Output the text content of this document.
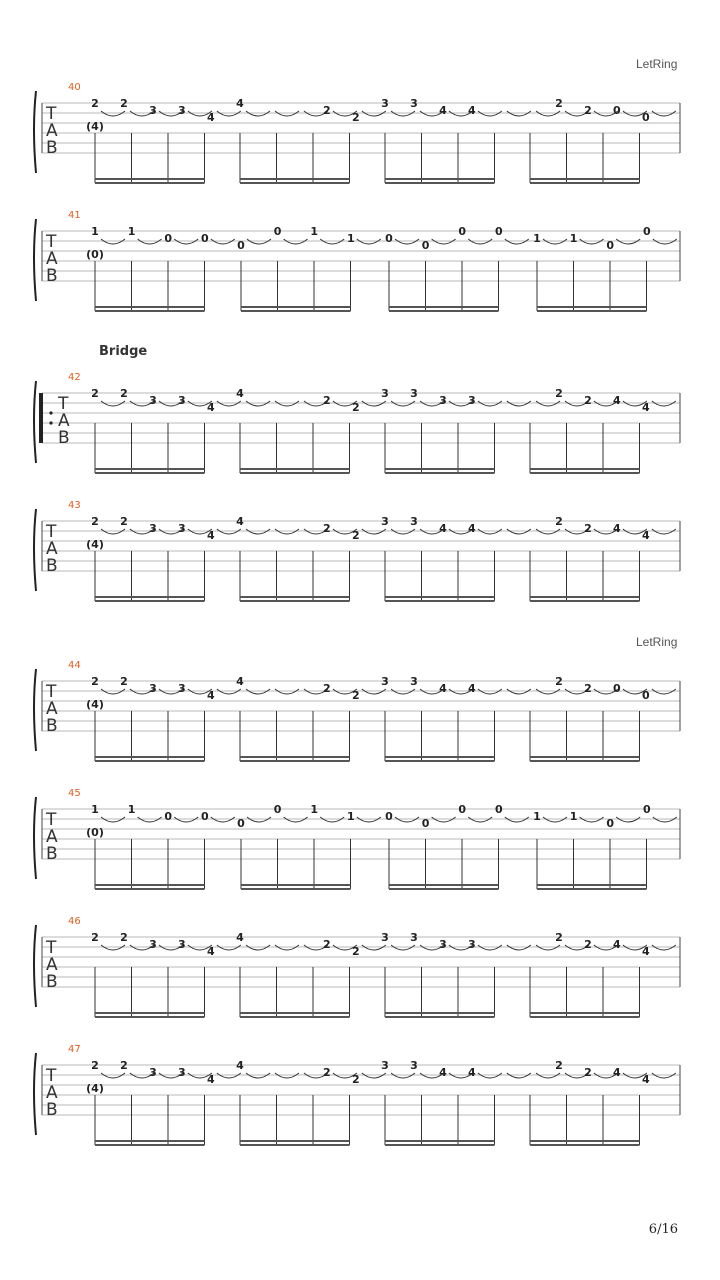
LetRing
Bridge
LetRing
6/16
T
A
B
40
2
(4)
2
3 3
4
4
2
2
3 3
4 4
2
2 0
0
T
A
B
41
1
(0)
1
0	0
0
0	1
1	0
0
0	0
1	1
0
0
T
A
B
42
2 2
3 3
4
4
2
2
3 3
3 3
2
2 4
4
T
A
B
43
2
(4)
2
3 3
4
4
2
2
3 3
4 4
2
2 4
4
T
A
B
44
2
(4)
2
3 3
4
4
2
2
3 3
4 4
2
2 0
0
T
A
B
45
1
(0)
1
0	0
0
0	1
1	0
0
0	0
1	1
0
0
T
A
B
46
2 2
3 3
4
4
2
2
3 3
3 3
2
2 4
4
T
A
B
47
2
(4)
2
3 3
4
4
2
2
3 3
4 4
2
2 4
4
